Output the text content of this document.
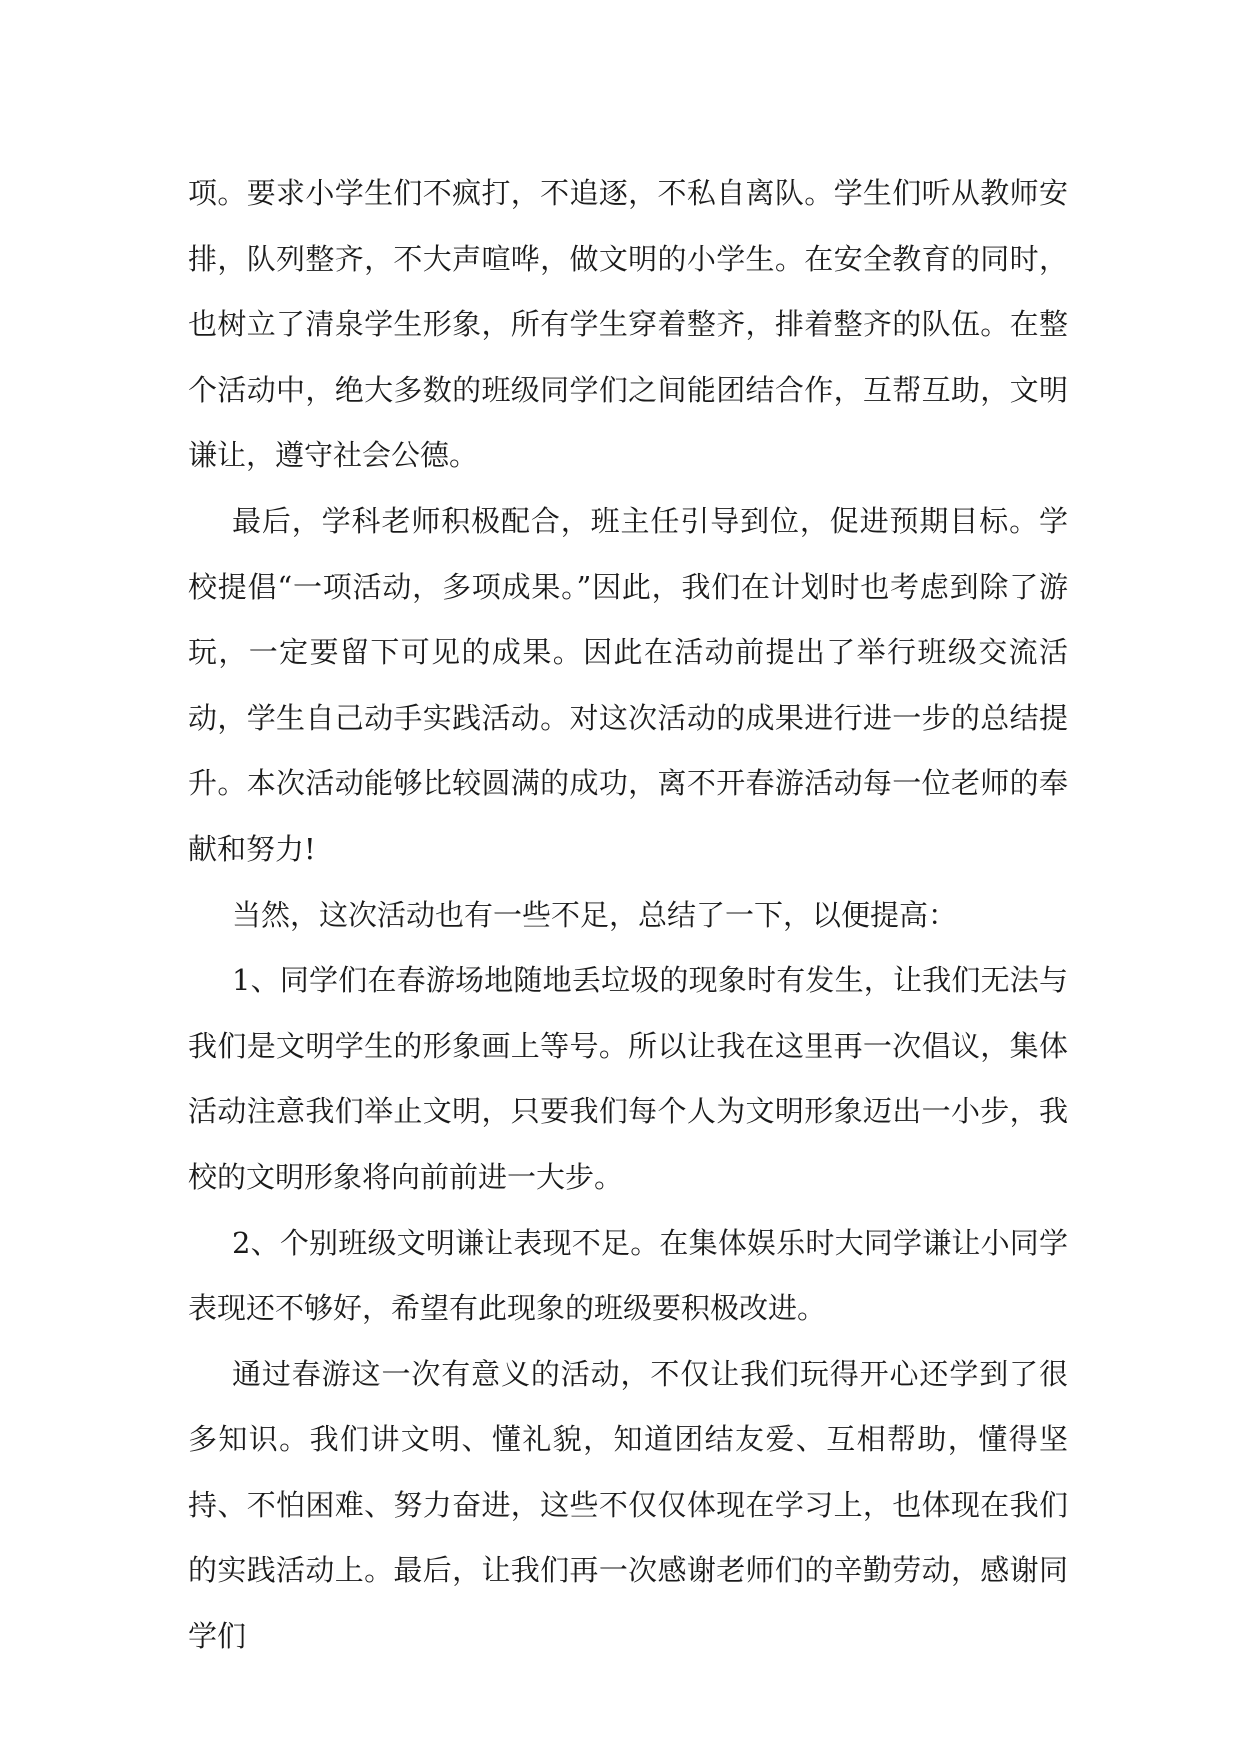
项。要求小学生们不疯打，不追逐，不私自离队。学生们听从教师安排，队列整齐，不大声喧哗，做文明的小学生。在安全教育的同时，也树立了清泉学生形象，所有学生穿着整齐，排着整齐的队伍。在整个活动中，绝大多数的班级同学们之间能团结合作，互帮互助，文明谦让，遵守社会公德。

最后，学科老师积极配合，班主任引导到位，促进预期目标。学校提倡“一项活动，多项成果。”因此，我们在计划时也考虑到除了游玩，一定要留下可见的成果。因此在活动前提出了举行班级交流活动，学生自己动手实践活动。对这次活动的成果进行进一步的总结提升。本次活动能够比较圆满的成功，离不开春游活动每一位老师的奉献和努力!

当然，这次活动也有一些不足，总结了一下，以便提高：

1、同学们在春游场地随地丢垃圾的现象时有发生，让我们无法与我们是文明学生的形象画上等号。所以让我在这里再一次倡议，集体活动注意我们举止文明，只要我们每个人为文明形象迈出一小步，我校的文明形象将向前前进一大步。

2、个别班级文明谦让表现不足。在集体娱乐时大同学谦让小同学表现还不够好，希望有此现象的班级要积极改进。

通过春游这一次有意义的活动，不仅让我们玩得开心还学到了很多知识。我们讲文明、懂礼貌，知道团结友爱、互相帮助，懂得坚持、不怕困难、努力奋进，这些不仅仅体现在学习上，也体现在我们的实践活动上。最后，让我们再一次感谢老师们的辛勤劳动，感谢同学们
